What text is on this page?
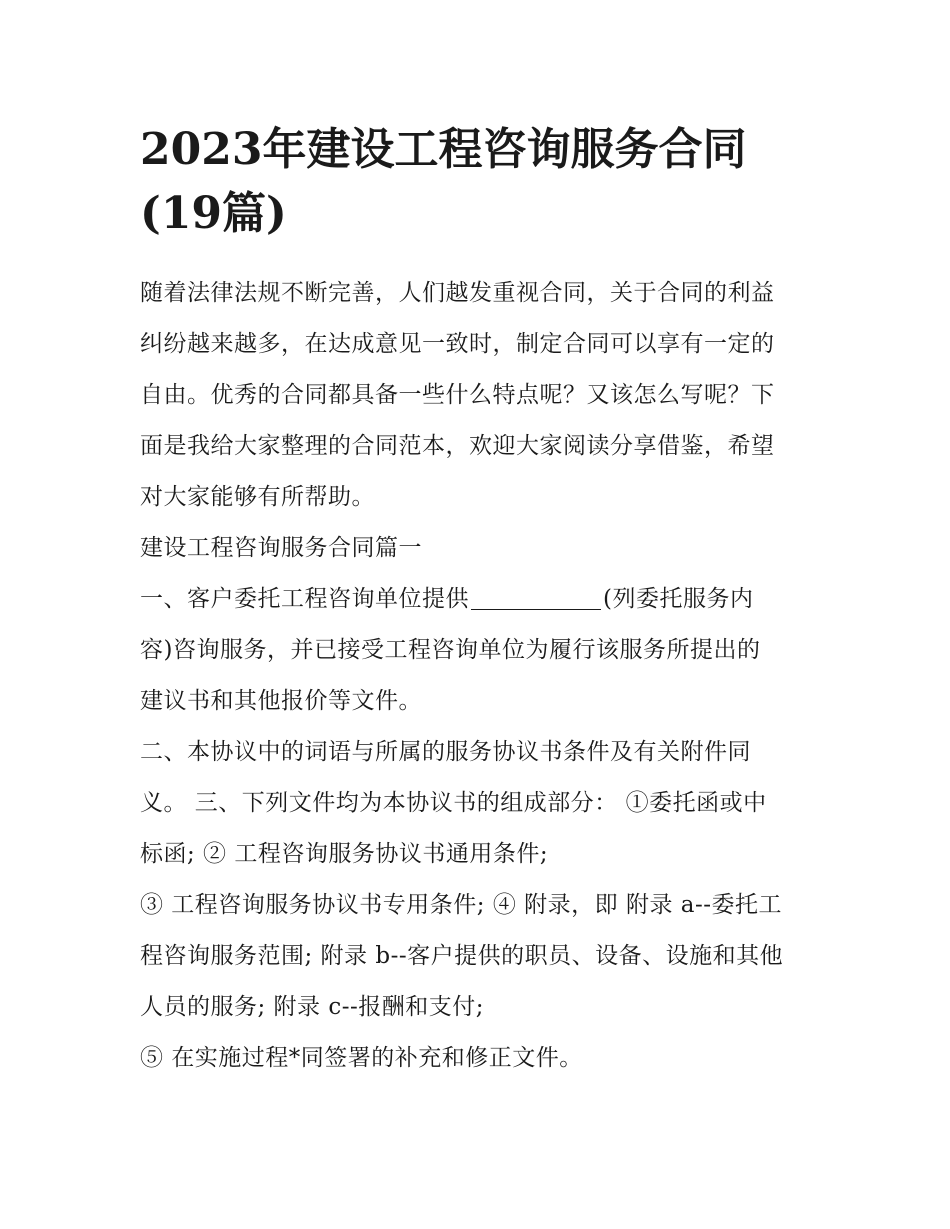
2023年建设工程咨询服务合同
(19篇)
随着法律法规不断完善，人们越发重视合同，关于合同的利益
纠纷越来越多，在达成意见一致时，制定合同可以享有一定的
自由。优秀的合同都具备一些什么特点呢？又该怎么写呢？下
面是我给大家整理的合同范本，欢迎大家阅读分享借鉴，希望
对大家能够有所帮助。
建设工程咨询服务合同篇一
一、客户委托工程咨询单位提供	(列委托服务内
容)咨询服务，并已接受工程咨询单位为履行该服务所提出的
建议书和其他报价等文件。
二、本协议中的词语与所属的服务协议书条件及有关附件同
义。 三、下列文件均为本协议书的组成部分： ①委托函或中
标函; ② 工程咨询服务协议书通用条件;
③ 工程咨询服务协议书专用条件; ④ 附录，即 附录 a--委托工
程咨询服务范围; 附录 b--客户提供的职员、设备、设施和其他
人员的服务; 附录 c--报酬和支付;
⑤ 在实施过程*同签署的补充和修正文件。
